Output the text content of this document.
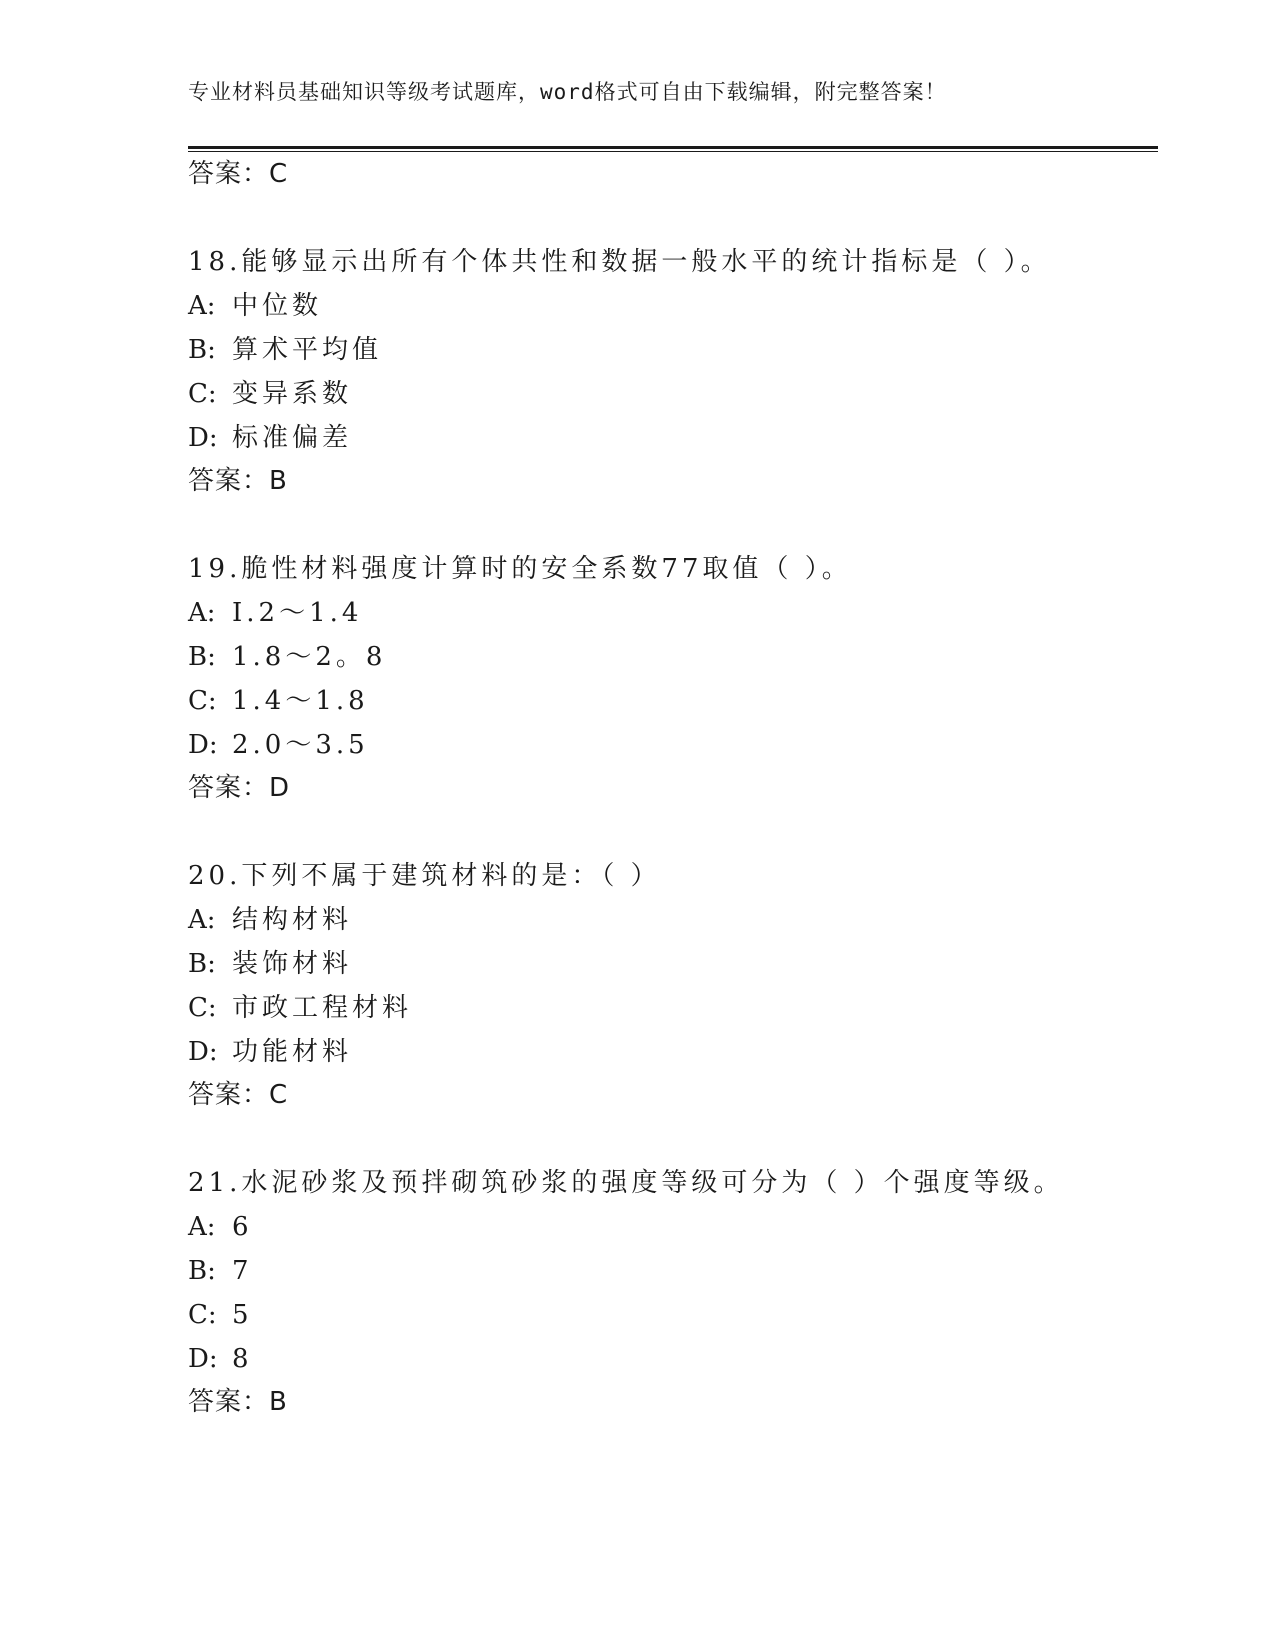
专业材料员基础知识等级考试题库，word格式可自由下载编辑，附完整答案！
答案：C
18.能够显示出所有个体共性和数据一般水平的统计指标是（ ）。
A: 中位数
B: 算术平均值
C: 变异系数
D: 标准偏差
答案：B
19.脆性材料强度计算时的安全系数77取值（ ）。
A: I.2～1.4
B: 1.8～2。8
C: 1.4～1.8
D: 2.0～3.5
答案：D
20.下列不属于建筑材料的是：（ ）
A: 结构材料
B: 装饰材料
C: 市政工程材料
D: 功能材料
答案：C
21.水泥砂浆及预拌砌筑砂浆的强度等级可分为（ ）个强度等级。
A: 6
B: 7
C: 5
D: 8
答案：B
